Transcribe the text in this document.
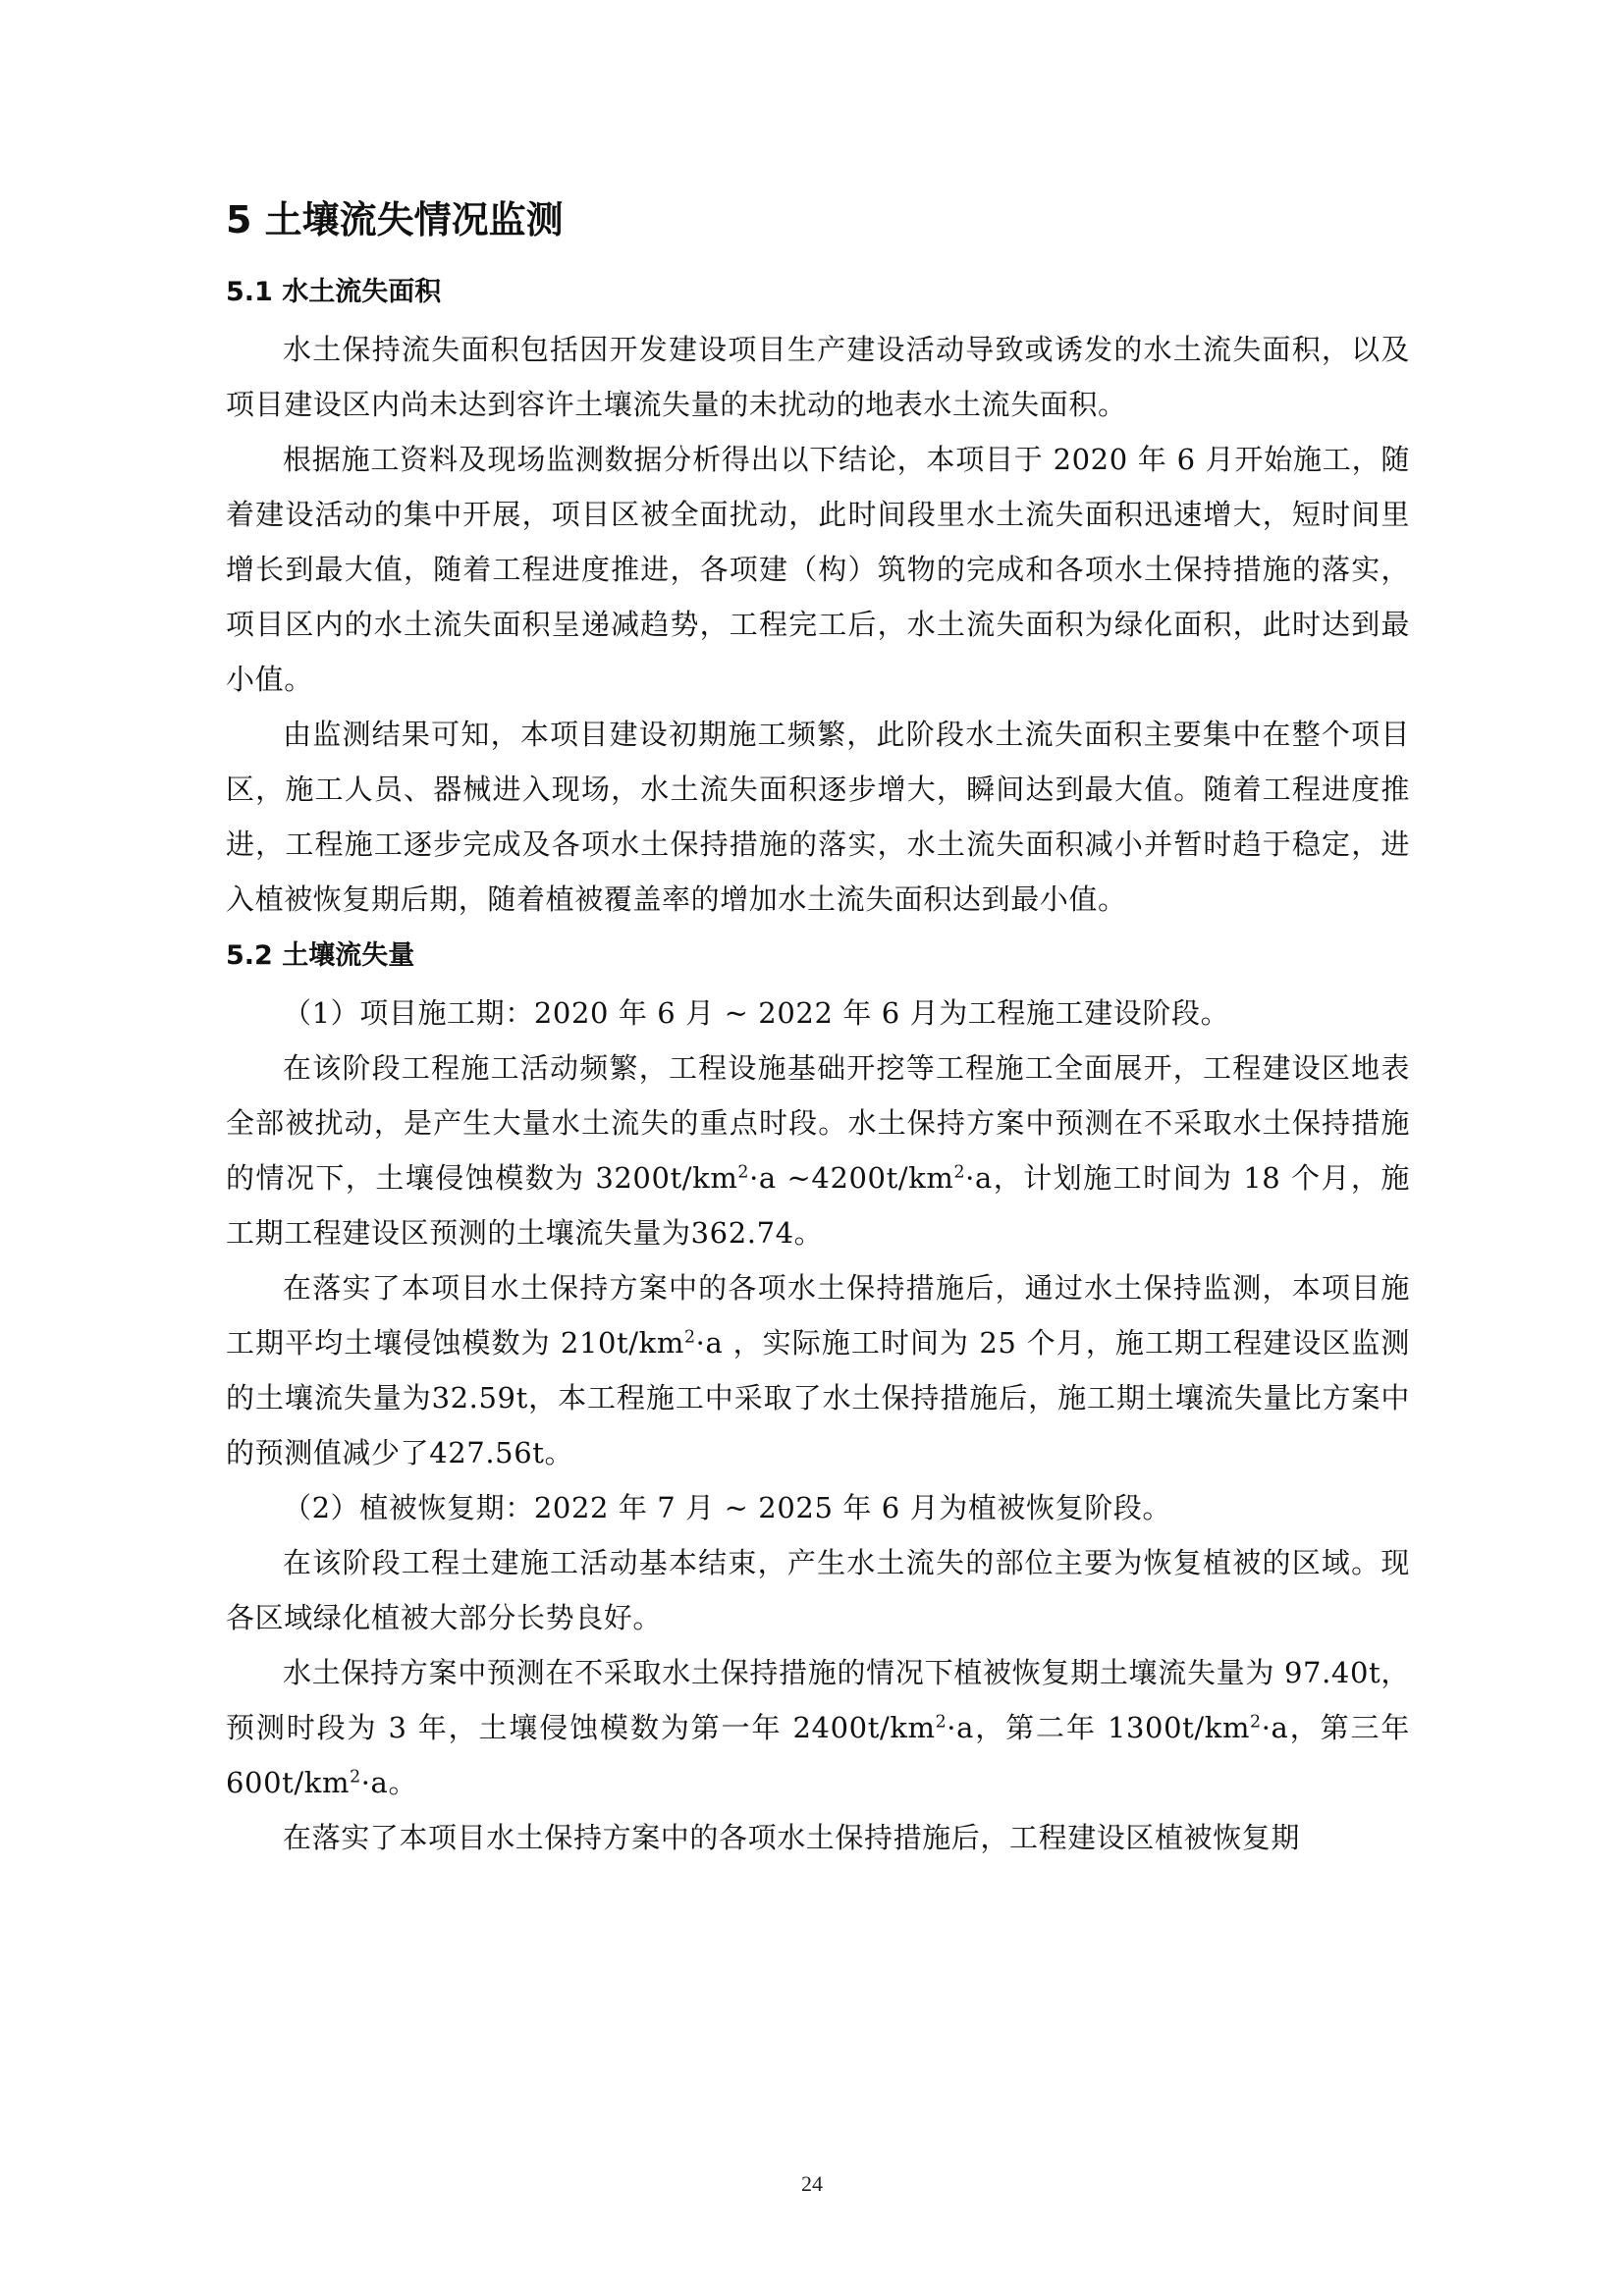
5 土壤流失情况监测
5.1 水土流失面积

水土保持流失面积包括因开发建设项目生产建设活动导致或诱发的水土流失面积，以及项目建设区内尚未达到容许土壤流失量的未扰动的地表水土流失面积。

根据施工资料及现场监测数据分析得出以下结论，本项目于 2020 年 6 月开始施工，随着建设活动的集中开展，项目区被全面扰动，此时间段里水土流失面积迅速增大，短时间里增长到最大值，随着工程进度推进，各项建（构）筑物的完成和各项水土保持措施的落实，项目区内的水土流失面积呈递减趋势，工程完工后，水土流失面积为绿化面积，此时达到最小值。

由监测结果可知，本项目建设初期施工频繁，此阶段水土流失面积主要集中在整个项目区，施工人员、器械进入现场，水土流失面积逐步增大，瞬间达到最大值。随着工程进度推进，工程施工逐步完成及各项水土保持措施的落实，水土流失面积减小并暂时趋于稳定，进入植被恢复期后期，随着植被覆盖率的增加水土流失面积达到最小值。

5.2 土壤流失量

（1）项目施工期：2020 年 6 月 ~ 2022 年 6 月为工程施工建设阶段。

在该阶段工程施工活动频繁，工程设施基础开挖等工程施工全面展开，工程建设区地表全部被扰动，是产生大量水土流失的重点时段。水土保持方案中预测在不采取水土保持措施的情况下，土壤侵蚀模数为 $3200t/km^2\cdot a$ $\sim 4200t/km^2\cdot a$，计划施工时间为 18 个月，施工期工程建设区预测的土壤流失量为362.74。

在落实了本项目水土保持方案中的各项水土保持措施后，通过水土保持监测，本项目施工期平均土壤侵蚀模数为 $210t/km^2\cdot a$ ，实际施工时间为 25 个月，施工期工程建设区监测的土壤流失量为32.59t，本工程施工中采取了水土保持措施后，施工期土壤流失量比方案中的预测值减少了427.56t。

（2）植被恢复期：2022 年 7 月 ~ 2025 年 6 月为植被恢复阶段。

在该阶段工程土建施工活动基本结束，产生水土流失的部位主要为恢复植被的区域。现各区域绿化植被大部分长势良好。

水土保持方案中预测在不采取水土保持措施的情况下植被恢复期土壤流失量为 97.40t，预测时段为 3 年，土壤侵蚀模数为第一年 $2400t/km^2\cdot a$，第二年 $1300t/km^2\cdot a$，第三年 $600t/km^2\cdot a$。

在落实了本项目水土保持方案中的各项水土保持措施后，工程建设区植被恢复期

24
